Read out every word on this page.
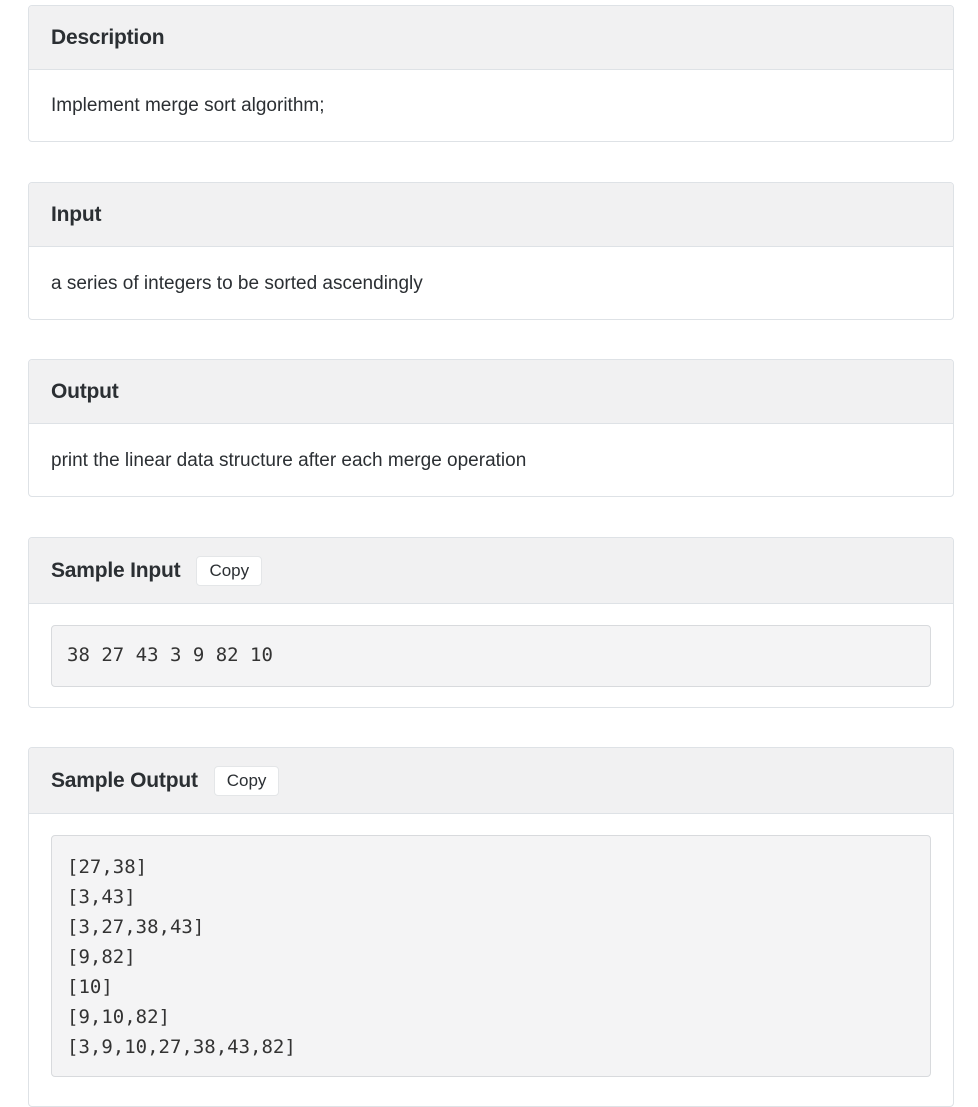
Description
Implement merge sort algorithm;
Input
a series of integers to be sorted ascendingly
Output
print the linear data structure after each merge operation
Sample Input	Copy
38 27 43 3 9 82 10
Sample Output	Copy
[27,38]
[3,43]
[3,27,38,43]
[9,82]
[10]
[9,10,82]
[3,9,10,27,38,43,82]
